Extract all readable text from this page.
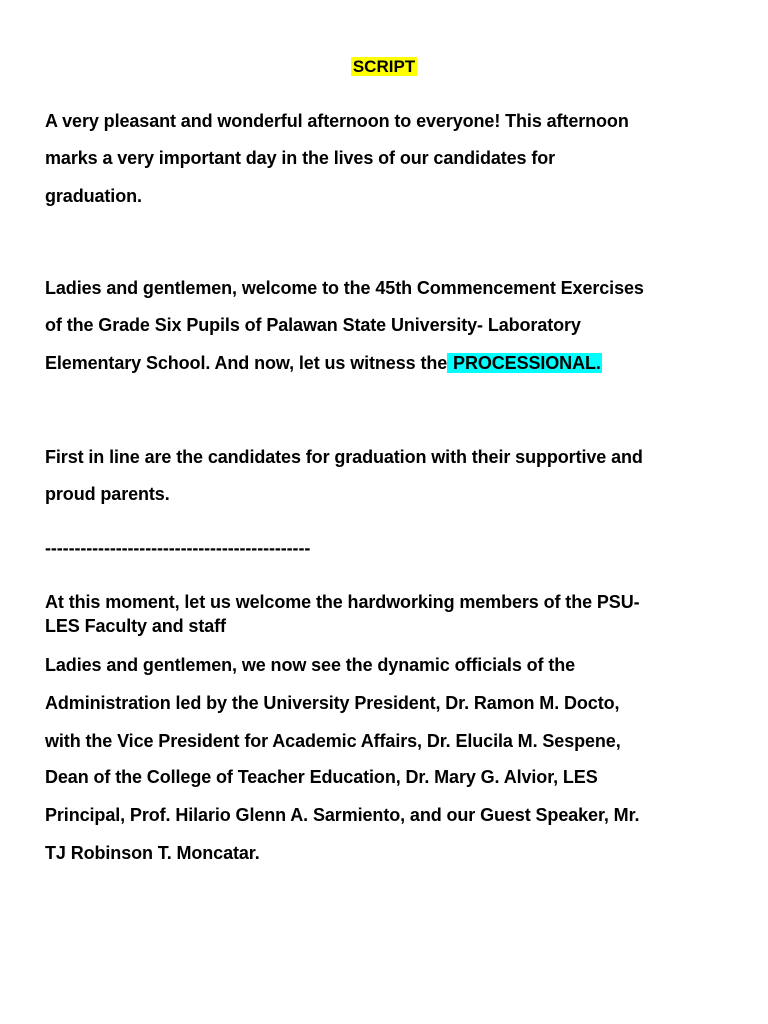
SCRIPT
A very pleasant and wonderful afternoon to everyone! This afternoon
marks a very important day in the lives of our candidates for
graduation.
Ladies and gentlemen, welcome to the 45th Commencement Exercises
of the Grade Six Pupils of Palawan State University- Laboratory
Elementary School. And now, let us witness the PROCESSIONAL.
First in line are the candidates for graduation with their supportive and
proud parents.
---------------------------------------------
At this moment, let us welcome the hardworking members of the PSU-
LES Faculty and staff
Ladies and gentlemen, we now see the dynamic officials of the
Administration led by the University President, Dr. Ramon M. Docto,
with the Vice President for Academic Affairs, Dr. Elucila M. Sespene,
Dean of the College of Teacher Education, Dr. Mary G. Alvior, LES
Principal, Prof. Hilario Glenn A. Sarmiento, and our Guest Speaker, Mr.
TJ Robinson T. Moncatar.
